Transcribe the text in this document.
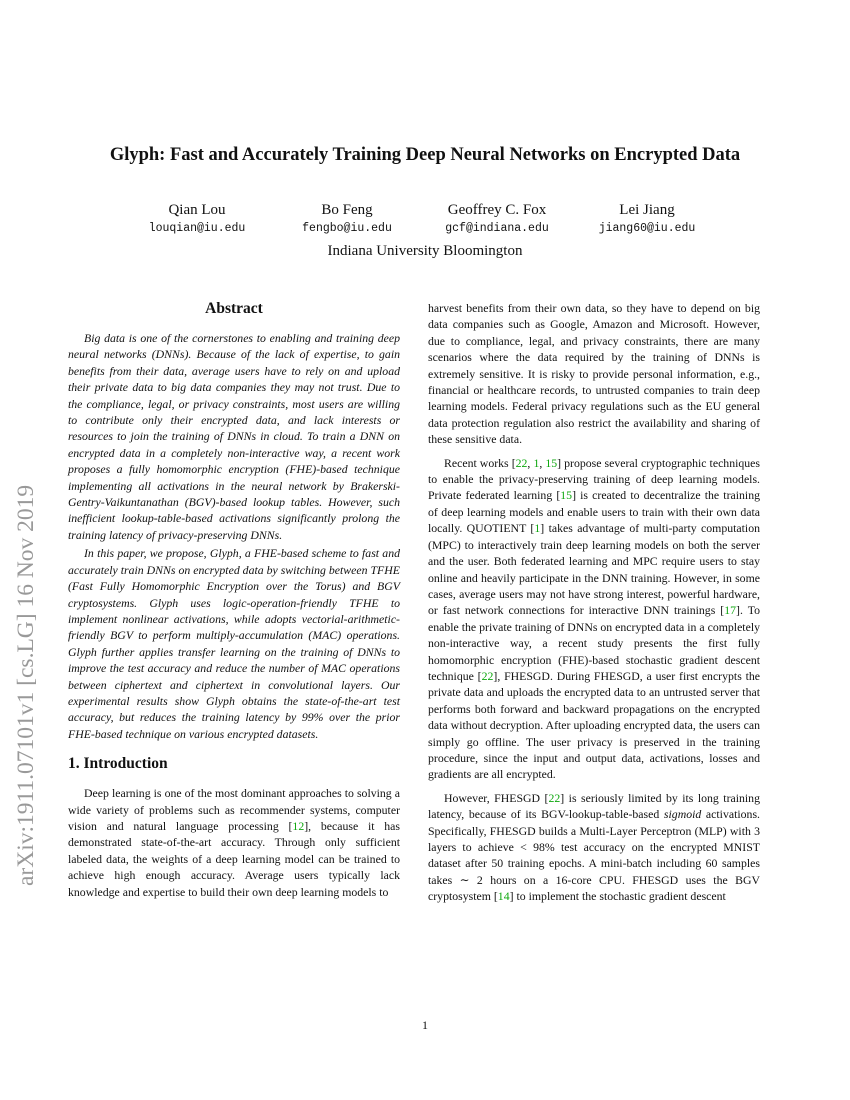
Glyph: Fast and Accurately Training Deep Neural Networks on Encrypted Data
Qian Lou
louqian@iu.edu
Bo Feng
fengbo@iu.edu
Geoffrey C. Fox
gcf@indiana.edu
Lei Jiang
jiang60@iu.edu
Indiana University Bloomington
arXiv:1911.07101v1 [cs.LG] 16 Nov 2019
Abstract

Big data is one of the cornerstones to enabling and training deep neural networks (DNNs). Because of the lack of expertise, to gain benefits from their data, average users have to rely on and upload their private data to big data companies they may not trust. Due to the compliance, legal, or privacy constraints, most users are willing to contribute only their encrypted data, and lack interests or resources to join the training of DNNs in cloud. To train a DNN on encrypted data in a completely non-interactive way, a recent work proposes a fully homomorphic encryption (FHE)-based technique implementing all activations in the neural network by Brakerski-Gentry-Vaikuntanathan (BGV)-based lookup tables. However, such inefficient lookup-table-based activations significantly prolong the training latency of privacy-preserving DNNs.

In this paper, we propose, Glyph, a FHE-based scheme to fast and accurately train DNNs on encrypted data by switching between TFHE (Fast Fully Homomorphic Encryption over the Torus) and BGV cryptosystems. Glyph uses logic-operation-friendly TFHE to implement nonlinear activations, while adopts vectorial-arithmetic-friendly BGV to perform multiply-accumulation (MAC) operations. Glyph further applies transfer learning on the training of DNNs to improve the test accuracy and reduce the number of MAC operations between ciphertext and ciphertext in convolutional layers. Our experimental results show Glyph obtains the state-of-the-art test accuracy, but reduces the training latency by 99% over the prior FHE-based technique on various encrypted datasets.

1. Introduction

Deep learning is one of the most dominant approaches to solving a wide variety of problems such as recommender systems, computer vision and natural language processing [12], because it has demonstrated state-of-the-art accuracy. Through only sufficient labeled data, the weights of a deep learning model can be trained to achieve high enough accuracy. Average users typically lack knowledge and expertise to build their own deep learning models to

harvest benefits from their own data, so they have to depend on big data companies such as Google, Amazon and Microsoft. However, due to compliance, legal, and privacy constraints, there are many scenarios where the data required by the training of DNNs is extremely sensitive. It is risky to provide personal information, e.g., financial or healthcare records, to untrusted companies to train deep learning models. Federal privacy regulations such as the EU general data protection regulation also restrict the availability and sharing of these sensitive data.

Recent works [22, 1, 15] propose several cryptographic techniques to enable the privacy-preserving training of deep learning models. Private federated learning [15] is created to decentralize the training of deep learning models and enable users to train with their own data locally. QUOTIENT [1] takes advantage of multi-party computation (MPC) to interactively train deep learning models on both the server and the user. Both federated learning and MPC require users to stay online and heavily participate in the DNN training. However, in some cases, average users may not have strong interest, powerful hardware, or fast network connections for interactive DNN trainings [17]. To enable the private training of DNNs on encrypted data in a completely non-interactive way, a recent study presents the first fully homomorphic encryption (FHE)-based stochastic gradient descent technique [22], FHESGD. During FHESGD, a user first encrypts the private data and uploads the encrypted data to an untrusted server that performs both forward and backward propagations on the encrypted data without decryption. After uploading encrypted data, the users can simply go offline. The user privacy is preserved in the training procedure, since the input and output data, activations, losses and gradients are all encrypted.

However, FHESGD [22] is seriously limited by its long training latency, because of its BGV-lookup-table-based sigmoid activations. Specifically, FHESGD builds a Multi-Layer Perceptron (MLP) with 3 layers to achieve < 98% test accuracy on the encrypted MNIST dataset after 50 training epochs. A mini-batch including 60 samples takes ∼ 2 hours on a 16-core CPU. FHESGD uses the BGV cryptosystem [14] to implement the stochastic gradient descent

1
